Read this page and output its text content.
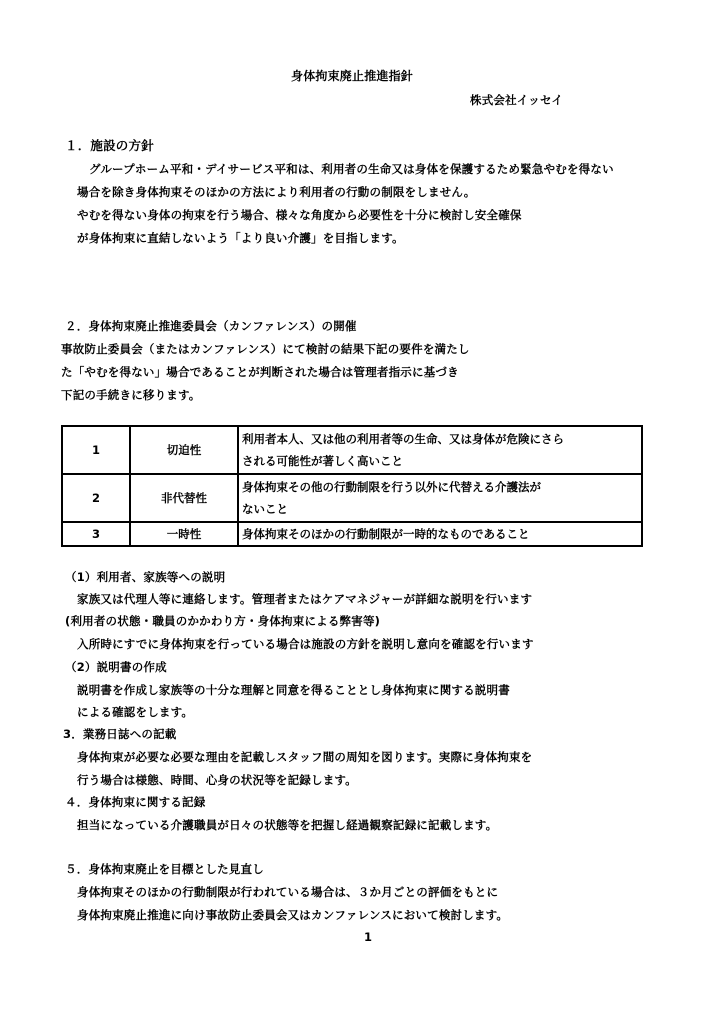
身体拘束廃止推進指針

株式会社イッセイ

１．施設の方針

グループホーム平和・デイサービス平和は、利用者の生命又は身体を保護するため緊急やむを得ない

場合を除き身体拘束そのほかの方法により利用者の行動の制限をしません。

やむを得ない身体の拘束を行う場合、様々な角度から必要性を十分に検討し安全確保

が身体拘束に直結しないよう「より良い介護」を目指します。

２．身体拘束廃止推進委員会（カンファレンス）の開催

事故防止委員会（またはカンファレンス）にて検討の結果下記の要件を満たし

た「やむを得ない」場合であることが判断された場合は管理者指示に基づき

下記の手続きに移ります。

1	切迫性	利用者本人、又は他の利用者等の生命、又は身体が危険にさら
される可能性が著しく高いこと

2	非代替性	身体拘束その他の行動制限を行う以外に代替える介護法が
ないこと

3	一時性	身体拘束そのほかの行動制限が一時的なものであること

（1）利用者、家族等への説明

家族又は代理人等に連絡します。管理者またはケアマネジャーが詳細な説明を行います

(利用者の状態・職員のかかわり方・身体拘束による弊害等)

入所時にすでに身体拘束を行っている場合は施設の方針を説明し意向を確認を行います

（2）説明書の作成

説明書を作成し家族等の十分な理解と同意を得ることとし身体拘束に関する説明書

による確認をします。

3．業務日誌への記載

身体拘束が必要な必要な理由を記載しスタッフ間の周知を図ります。実際に身体拘束を

行う場合は様態、時間、心身の状況等を記録します。

４．身体拘束に関する記録

担当になっている介護職員が日々の状態等を把握し経過観察記録に記載します。

５．身体拘束廃止を目標とした見直し

身体拘束そのほかの行動制限が行われている場合は、３か月ごとの評価をもとに

身体拘束廃止推進に向け事故防止委員会又はカンファレンスにおいて検討します。

1
